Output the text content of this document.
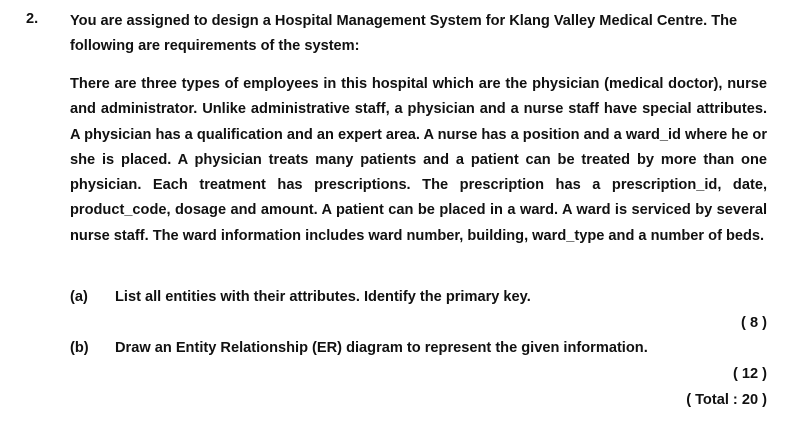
2. You are assigned to design a Hospital Management System for Klang Valley Medical Centre. The following are requirements of the system:

There are three types of employees in this hospital which are the physician (medical doctor), nurse and administrator. Unlike administrative staff, a physician and a nurse staff have special attributes. A physician has a qualification and an expert area. A nurse has a position and a ward_id where he or she is placed. A physician treats many patients and a patient can be treated by more than one physician. Each treatment has prescriptions. The prescription has a prescription_id, date, product_code, dosage and amount. A patient can be placed in a ward. A ward is serviced by several nurse staff. The ward information includes ward number, building, ward_type and a number of beds.

(a) List all entities with their attributes. Identify the primary key.
( 8 )
(b) Draw an Entity Relationship (ER) diagram to represent the given information.
( 12 )
( Total : 20 )
